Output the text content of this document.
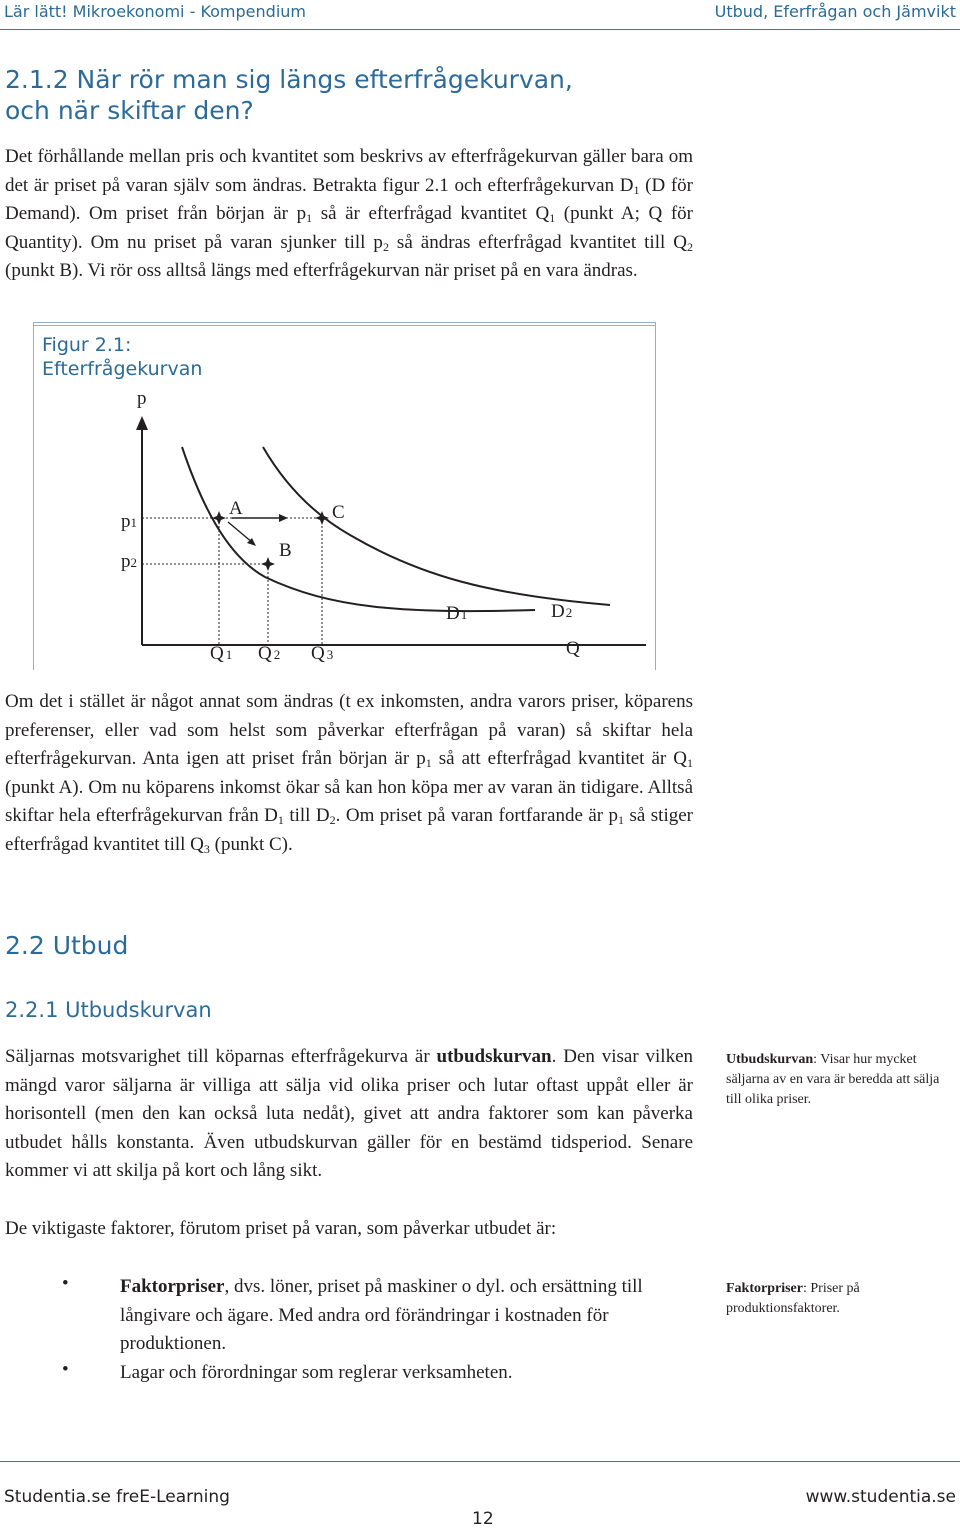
Lär lätt! Mikroekonomi - Kompendium	Utbud, Eferfrågan och Jämvikt
2.1.2 När rör man sig längs efterfrågekurvan,
och när skiftar den?
Det förhållande mellan pris och kvantitet som beskrivs av efterfrågekurvan gäller bara om det är priset på varan själv som ändras. Betrakta figur 2.1 och efterfrågekurvan $D_1$ (D för Demand). Om priset från början är $p_1$ så är efterfrågad kvantitet $Q_1$ (punkt A; Q för Quantity). Om nu priset på varan sjunker till $p_2$ så ändras efterfrågad kvantitet till $Q_2$ (punkt B). Vi rör oss alltså längs med efterfrågekurvan när priset på en vara ändras.
Figur 2.1:
Efterfrågekurvan
p
Q
p1
p2
Q 1 Q 2 Q 3
D1	D2
A
B
C
Om det i stället är något annat som ändras (t ex inkomsten, andra varors priser, köparens preferenser, eller vad som helst som påverkar efterfrågan på varan) så skiftar hela efterfrågekurvan. Anta igen att priset från början är $p_1$ så att efterfrågad kvantitet är $Q_1$ (punkt A). Om nu köparens inkomst ökar så kan hon köpa mer av varan än tidigare. Alltså skiftar hela efterfrågekurvan från $D_1$ till $D_2$. Om priset på varan fortfarande är $p_1$ så stiger efterfrågad kvantitet till $Q_3$ (punkt C).
2.2 Utbud
2.2.1 Utbudskurvan
Säljarnas motsvarighet till köparnas efterfrågekurva är utbudskurvan. Den visar vilken mängd varor säljarna är villiga att sälja vid olika priser och lutar oftast uppåt eller är horisontell (men den kan också luta nedåt), givet att andra faktorer som kan påverka utbudet hålls konstanta. Även utbudskurvan gäller för en bestämd tidsperiod. Senare kommer vi att skilja på kort och lång sikt.
Utbudskurvan: Visar hur mycket säljarna av en vara är beredda att sälja till olika priser.
De viktigaste faktorer, förutom priset på varan, som påverkar utbudet är:
•	Faktorpriser, dvs. löner, priset på maskiner o dyl. och ersättning till långivare och ägare. Med andra ord förändringar i kostnaden för produktionen.
•	Lagar och förordningar som reglerar verksamheten.
Faktorpriser: Priser på produktionsfaktorer.
Studentia.se freE-Learning	www.studentia.se
12
